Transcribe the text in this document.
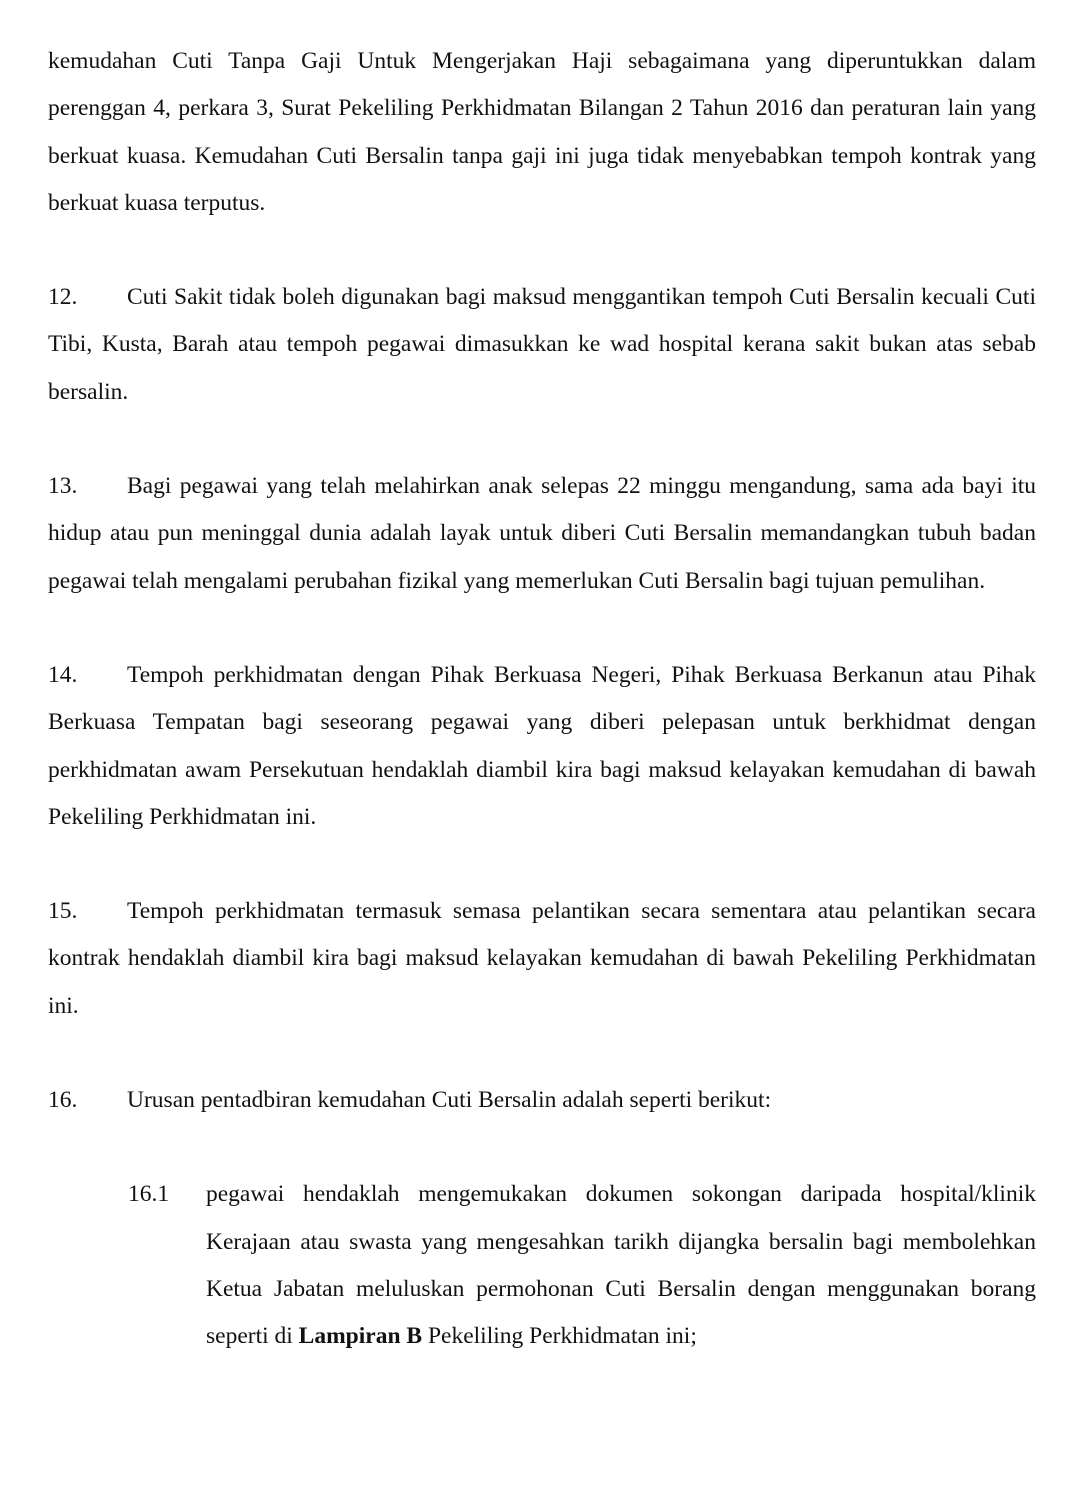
kemudahan Cuti Tanpa Gaji Untuk Mengerjakan Haji sebagaimana yang diperuntukkan dalam perenggan 4, perkara 3, Surat Pekeliling Perkhidmatan Bilangan 2 Tahun 2016 dan peraturan lain yang berkuat kuasa. Kemudahan Cuti Bersalin tanpa gaji ini juga tidak menyebabkan tempoh kontrak yang berkuat kuasa terputus.

12. Cuti Sakit tidak boleh digunakan bagi maksud menggantikan tempoh Cuti Bersalin kecuali Cuti Tibi, Kusta, Barah atau tempoh pegawai dimasukkan ke wad hospital kerana sakit bukan atas sebab bersalin.

13. Bagi pegawai yang telah melahirkan anak selepas 22 minggu mengandung, sama ada bayi itu hidup atau pun meninggal dunia adalah layak untuk diberi Cuti Bersalin memandangkan tubuh badan pegawai telah mengalami perubahan fizikal yang memerlukan Cuti Bersalin bagi tujuan pemulihan.

14. Tempoh perkhidmatan dengan Pihak Berkuasa Negeri, Pihak Berkuasa Berkanun atau Pihak Berkuasa Tempatan bagi seseorang pegawai yang diberi pelepasan untuk berkhidmat dengan perkhidmatan awam Persekutuan hendaklah diambil kira bagi maksud kelayakan kemudahan di bawah Pekeliling Perkhidmatan ini.

15. Tempoh perkhidmatan termasuk semasa pelantikan secara sementara atau pelantikan secara kontrak hendaklah diambil kira bagi maksud kelayakan kemudahan di bawah Pekeliling Perkhidmatan ini.

16. Urusan pentadbiran kemudahan Cuti Bersalin adalah seperti berikut:

16.1 pegawai hendaklah mengemukakan dokumen sokongan daripada hospital/klinik Kerajaan atau swasta yang mengesahkan tarikh dijangka bersalin bagi membolehkan Ketua Jabatan meluluskan permohonan Cuti Bersalin dengan menggunakan borang seperti di Lampiran B Pekeliling Perkhidmatan ini;
